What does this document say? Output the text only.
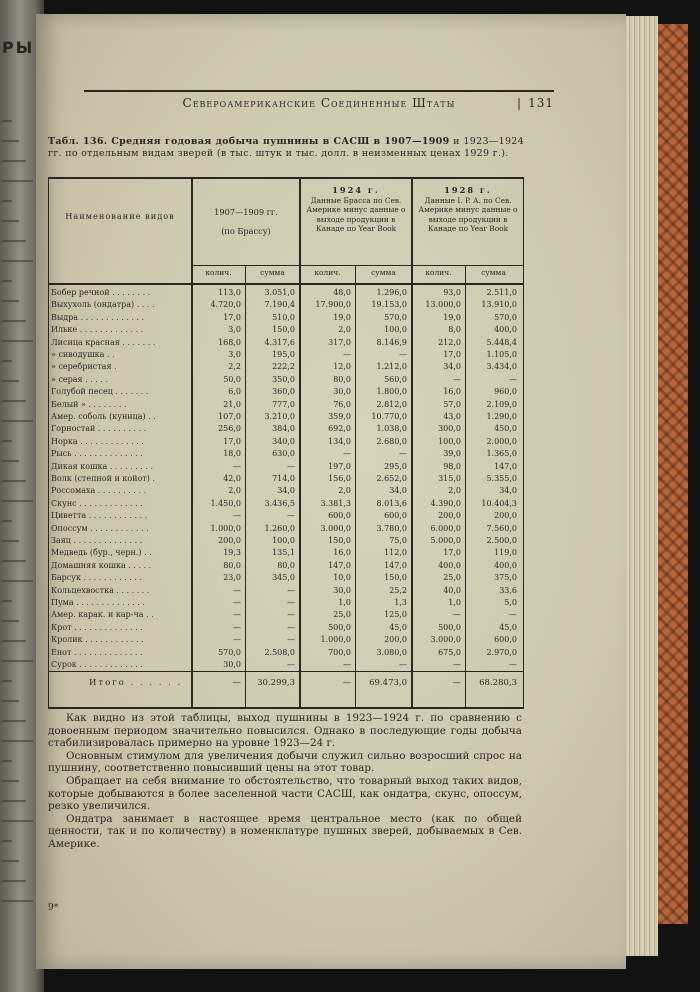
РЫ
Североамериканские Соединенные Штаты	| 131
Табл. 136. Средняя годовая добыча пушнины в САСШ в 1907—1909 и 1923—1924 гг. по отдельным видам зверей (в тыс. штук и тыс. долл. в неизменных ценах 1929 г.).
Наименование видов	1907—1909 гг.
(по Брассу)
1924 г.
Данные Брасса по Сев. Америке минус данные о выходе продукции в Канаде по Year Book
1928 г.
Данные I. P. A. по Сев. Америке минус данные о выходе продукции в Канаде по Year Book
колич.	сумма	колич.	сумма	колич.	сумма
Бобер речной . . . . . . . .	113,0	3.051,0	48,0	1.296,0	93,0	2.511,0
Выхухоль (ондатра) . . . .	4.720,0	7.190,4	17.900,0	19.153,0	13.000,0	13.910,0
Выдра . . . . . . . . . . . . .	17,0	510,0	19,0	570,0	19,0	570,0
Ильке . . . . . . . . . . . . .	3,0	150,0	2,0	100,0	8,0	400,0
Лисица красная . . . . . . .	168,0	4.317,6	317,0	8.146,9	212,0	5.448,4
» сиводушка . .	3,0	195,0	—	—	17,0	1.105,0
» серебристая .	2,2	222,2	12,0	1.212,0	34,0	3.434,0
» серая . . . . .	50,0	350,0	80,0	560,0	—	—
Голубой песец . . . . . . .	6,0	360,0	30,0	1.800,0	16,0	960,0
Белый » . . . . . . . .	21,0	777,0	76,0	2.812,0	57,0	2.109,0
Амер. соболь (куница) . .	107,0	3.210,0	359,0	10.770,0	43,0	1.290,0
Горностай . . . . . . . . . .	256,0	384,0	692,0	1.038,0	300,0	450,0
Норка . . . . . . . . . . . . .	17,0	340,0	134,0	2.680,0	100,0	2.000,0
Рысь . . . . . . . . . . . . . .	18,0	630,0	—	—	39,0	1.365,0
Дикая кошка . . . . . . . . .	—	—	197,0	295,0	98,0	147,0
Волк (степной и койот) .	42,0	714,0	156,0	2.652,0	315,0	5.355,0
Россомаха . . . . . . . . . .	2,0	34,0	2,0	34,0	2,0	34,0
Скунс . . . . . . . . . . . . .	1.450,0	3.436,5	3.381,3	8.013,6	4.390,0	10.404,3
Циветта . . . . . . . . . . . .	—	—	600,0	600,0	200,0	200,0
Опоссум . . . . . . . . . . . .	1.000,0	1.260,0	3.000,0	3.780,0	6.000,0	7.560,0
Заяц . . . . . . . . . . . . . .	200,0	100,0	150,0	75,0	5.000,0	2.500,0
Медведь (бур., черн.) . .	19,3	135,1	16,0	112,0	17,0	119,0
Домашняя кошка . . . . .	80,0	80,0	147,0	147,0	400,0	400,0
Барсук . . . . . . . . . . . .	23,0	345,0	10,0	150,0	25,0	375,0
Кольцехвостка . . . . . . .	—	—	30,0	25,2	40,0	33,6
Пума . . . . . . . . . . . . . .	—	—	1,0	1,3	1,0	5,0
Амер. карак. и кар-ча . .	—	—	25,0	125,0	—	—
Крот . . . . . . . . . . . . . .	—	—	500,0	45,0	500,0	45,0
Кролик . . . . . . . . . . . .	—	—	1.000,0	200,0	3.000,0	600,0
Енот . . . . . . . . . . . . . .	570,0	2.508,0	700,0	3.080,0	675,0	2.970,0
Сурок . . . . . . . . . . . . .	30,0	—	—	—	—	—
Итого . . . . . .	—	30.299,3	—	69.473,0	—	68.280,3

Как видно из этой таблицы, выход пушнины в 1923—1924 г. по сравнению с довоенным периодом значительно повысился. Однако в последующие годы добыча стабилизировалась примерно на уровне 1923—24 г.

Основным стимулом для увеличения добычи служил сильно возросший спрос на пушнину, соответственно повысивший цены на этот товар.

Обращает на себя внимание то обстоятельство, что товарный выход таких видов, которые добываются в более заселенной части САСШ, как ондатра, скунс, опоссум, резко увеличился.

Ондатра занимает в настоящее время центральное место (как по общей ценности, так и по количеству) в номенклатуре пушных зверей, добываемых в Сев. Америке.

9*
